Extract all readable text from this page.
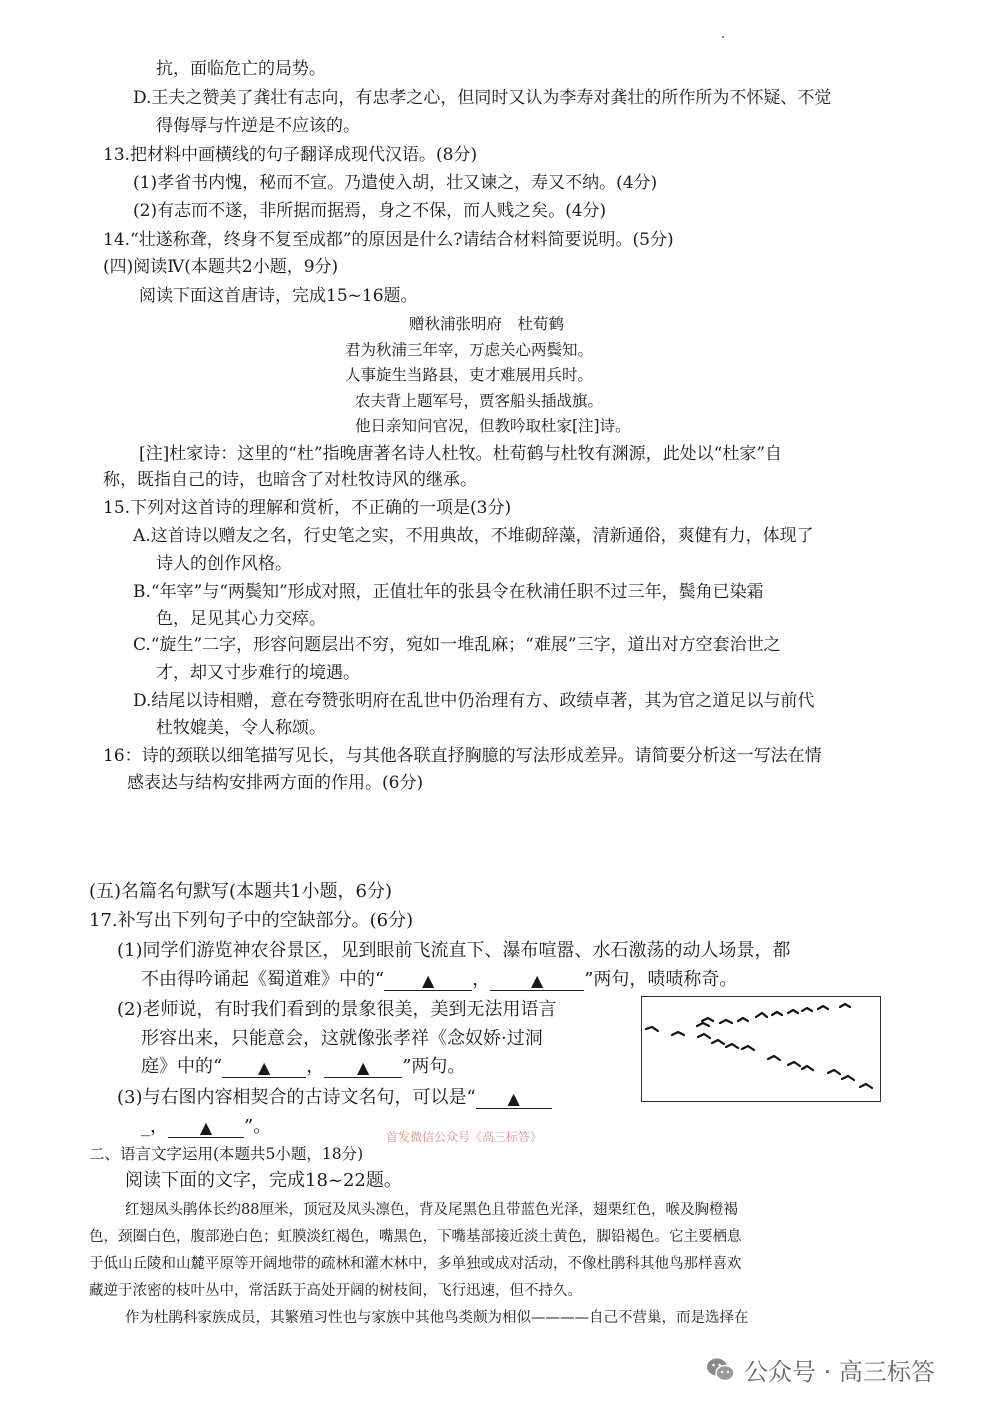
抗，面临危亡的局势。
D.王夫之赞美了龚壮有志向，有忠孝之心，但同时又认为李寿对龚壮的所作所为不怀疑、不觉
得侮辱与忤逆是不应该的。
13.把材料中画横线的句子翻译成现代汉语。(8分)
(1)孝省书内愧，秘而不宣。乃遣使入胡，壮又谏之，寿又不纳。(4分)
(2)有志而不遂，非所据而据焉，身之不保，而人贱之矣。(4分)
14.“壮遂称聋，终身不复至成都”的原因是什么?请结合材料简要说明。(5分)
(四)阅读Ⅳ(本题共2小题，9分)
阅读下面这首唐诗，完成15~16题。
赠秋浦张明府　杜荀鹤
君为秋浦三年宰，万虑关心两鬓知。
人事旋生当路县，吏才难展用兵时。
农夫背上题军号，贾客船头插战旗。
他日亲知问官况，但教吟取杜家[注]诗。
[注]杜家诗：这里的“杜”指晚唐著名诗人杜牧。杜荀鹤与杜牧有渊源，此处以“杜家”自
称，既指自己的诗，也暗含了对杜牧诗风的继承。
15.下列对这首诗的理解和赏析，不正确的一项是(3分)
A.这首诗以赠友之名，行史笔之实，不用典故，不堆砌辞藻，清新通俗，爽健有力，体现了
诗人的创作风格。
B.“年宰”与“两鬓知”形成对照，正值壮年的张县令在秋浦任职不过三年，鬓角已染霜
色，足见其心力交瘁。
C.“旋生”二字，形容问题层出不穷，宛如一堆乱麻；“难展”三字，道出对方空套治世之
才，却又寸步难行的境遇。
D.结尾以诗相赠，意在夸赞张明府在乱世中仍治理有方、政绩卓著，其为官之道足以与前代
杜牧媲美，令人称颂。
16：诗的颈联以细笔描写见长，与其他各联直抒胸臆的写法形成差异。请简要分析这一写法在情
感表达与结构安排两方面的作用。(6分)
(五)名篇名句默写(本题共1小题，6分)
17.补写出下列句子中的空缺部分。(6分)
(1)同学们游览神农谷景区，见到眼前飞流直下、瀑布喧嚣、水石激荡的动人场景，都
不由得吟诵起《蜀道难》中的“ ▲ ，	▲ ”两句，啧啧称奇。
(2)老师说，有时我们看到的景象很美，美到无法用语言
形容出来，只能意会，这就像张孝祥《念奴娇·过洞
庭》中的“ ▲ ， ▲ ”两句。
(3)与右图内容相契合的古诗文名句，可以是“ ▲
_， ▲ ”。	首发微信公众号《高三标答》
二、语言文字运用(本题共5小题，18分)
阅读下面的文字，完成18~22题。
红翅凤头鹃体长约88厘米，顶冠及凤头凛色，背及尾黑色且带蓝色光泽，翅栗红色，喉及胸橙褐
色，颈圈白色，腹部逊白色；虹膜淡红褐色，嘴黑色，下嘴基部接近淡土黄色，脚铅褐色。它主要栖息
于低山丘陵和山麓平原等开阔地带的疏林和灌木林中，多单独或成对活动，不像杜鹃科其他鸟那样喜欢
藏逆于浓密的枝叶丛中，常活跃于高处开阔的树枝间，飞行迅速，但不持久。
作为杜鹃科家族成员，其繁殖习性也与家族中其他鸟类颇为相似————自己不营巢，而是选择在
公众号 · 高三标答
